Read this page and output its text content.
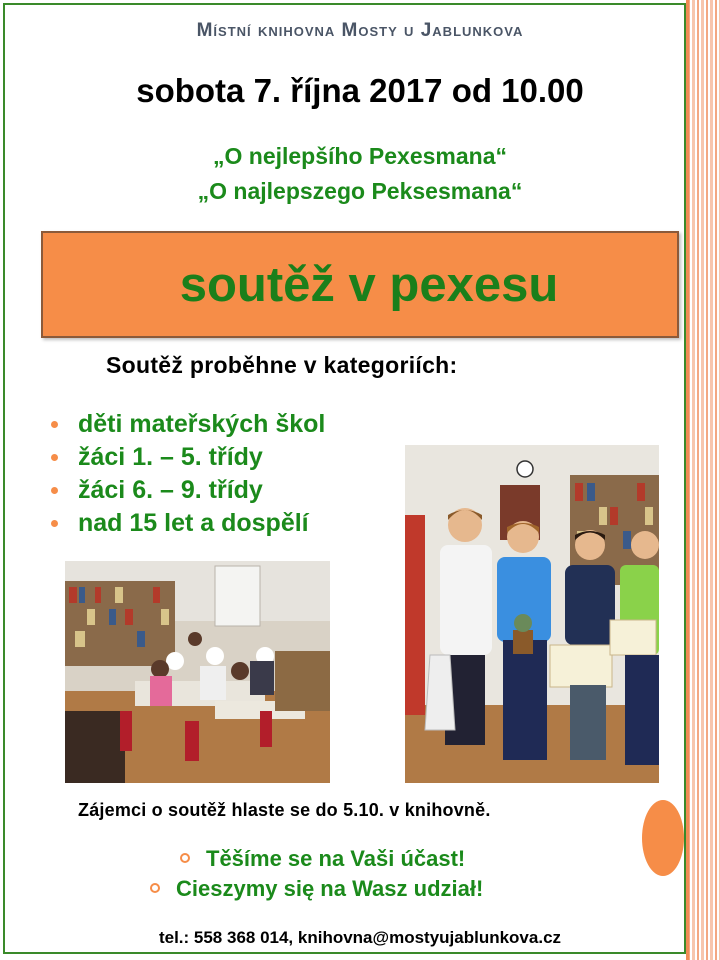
Místní knihovna Mosty u Jablunkova
sobota 7. října 2017 od 10.00
„O nejlepšího Pexesmana“
„O najlepszego Peksesmana“
soutěž v pexesu
Soutěž proběhne v kategoriích:
děti mateřských škol
žáci 1. – 5. třídy
žáci 6. – 9. třídy
nad 15 let a dospělí
Zájemci o soutěž hlaste se do 5.10. v knihovně.
Těšíme se na Vaši účast!
Cieszymy się na Wasz udział!
tel.: 558 368 014, knihovna@mostyujablunkova.cz
